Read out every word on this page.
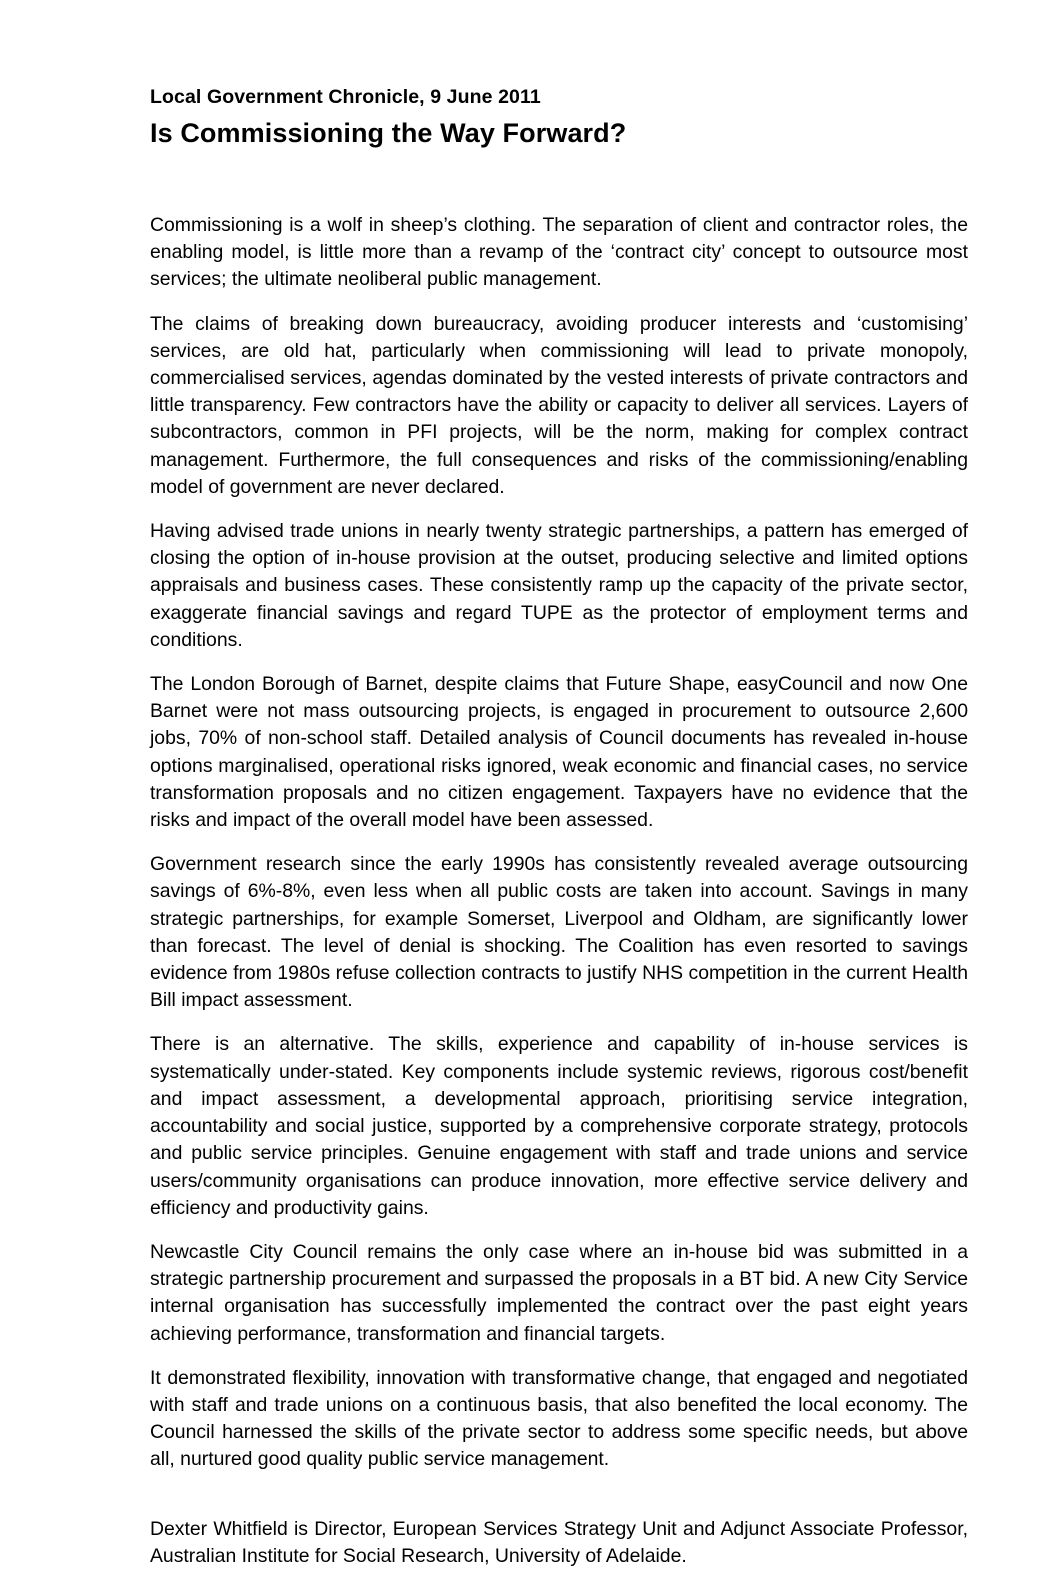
Local Government Chronicle, 9 June 2011
Is Commissioning the Way Forward?

Commissioning is a wolf in sheep’s clothing. The separation of client and contractor roles, the enabling model, is little more than a revamp of the ‘contract city’ concept to outsource most services; the ultimate neoliberal public management.

The claims of breaking down bureaucracy, avoiding producer interests and ‘customising’ services, are old hat, particularly when commissioning will lead to private monopoly, commercialised services, agendas dominated by the vested interests of private contractors and little transparency. Few contractors have the ability or capacity to deliver all services. Layers of subcontractors, common in PFI projects, will be the norm, making for complex contract management. Furthermore, the full consequences and risks of the commissioning/enabling model of government are never declared.

Having advised trade unions in nearly twenty strategic partnerships, a pattern has emerged of closing the option of in-house provision at the outset, producing selective and limited options appraisals and business cases. These consistently ramp up the capacity of the private sector, exaggerate financial savings and regard TUPE as the protector of employment terms and conditions.

The London Borough of Barnet, despite claims that Future Shape, easyCouncil and now One Barnet were not mass outsourcing projects, is engaged in procurement to outsource 2,600 jobs, 70% of non-school staff. Detailed analysis of Council documents has revealed in-house options marginalised, operational risks ignored, weak economic and financial cases, no service transformation proposals and no citizen engagement. Taxpayers have no evidence that the risks and impact of the overall model have been assessed.

Government research since the early 1990s has consistently revealed average outsourcing savings of 6%-8%, even less when all public costs are taken into account. Savings in many strategic partnerships, for example Somerset, Liverpool and Oldham, are significantly lower than forecast. The level of denial is shocking. The Coalition has even resorted to savings evidence from 1980s refuse collection contracts to justify NHS competition in the current Health Bill impact assessment.

There is an alternative. The skills, experience and capability of in-house services is systematically under-stated. Key components include systemic reviews, rigorous cost/benefit and impact assessment, a developmental approach, prioritising service integration, accountability and social justice, supported by a comprehensive corporate strategy, protocols and public service principles. Genuine engagement with staff and trade unions and service users/community organisations can produce innovation, more effective service delivery and efficiency and productivity gains.

Newcastle City Council remains the only case where an in-house bid was submitted in a strategic partnership procurement and surpassed the proposals in a BT bid. A new City Service internal organisation has successfully implemented the contract over the past eight years achieving performance, transformation and financial targets.

It demonstrated flexibility, innovation with transformative change, that engaged and negotiated with staff and trade unions on a continuous basis, that also benefited the local economy. The Council harnessed the skills of the private sector to address some specific needs, but above all, nurtured good quality public service management.

Dexter Whitfield is Director, European Services Strategy Unit and Adjunct Associate Professor, Australian Institute for Social Research, University of Adelaide.
